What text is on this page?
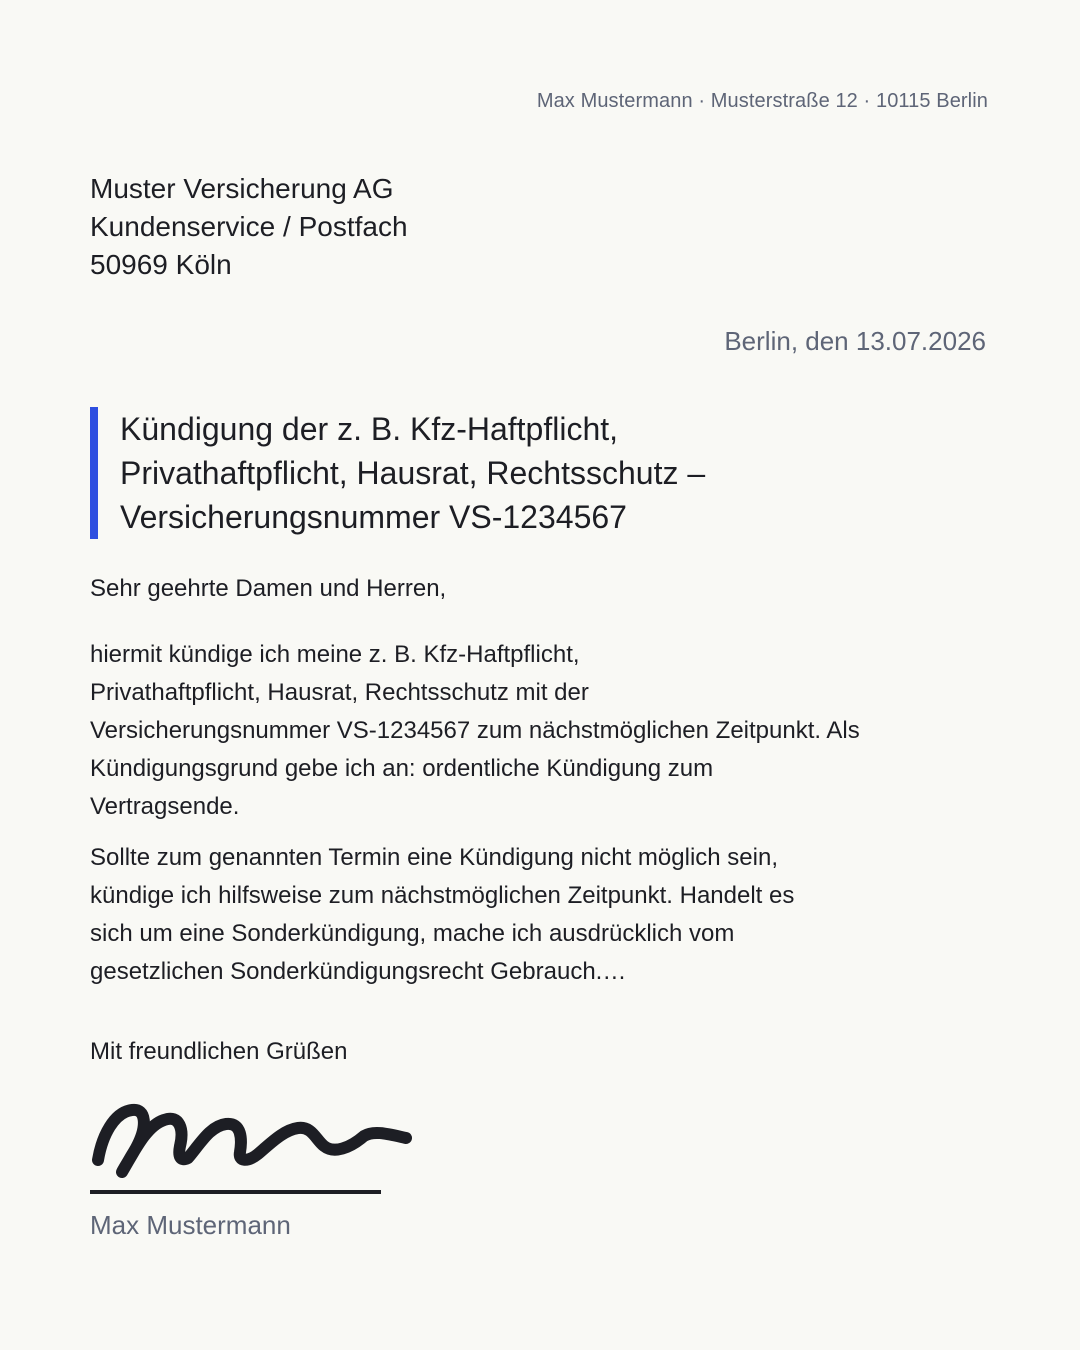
Max Mustermann · Musterstraße 12 · 10115 Berlin
Muster Versicherung AG
Kundenservice / Postfach
50969 Köln
Berlin, den 13.07.2026
Kündigung der z. B. Kfz-Haftpflicht,
Privathaftpflicht, Hausrat, Rechtsschutz –
Versicherungsnummer VS-1234567
Sehr geehrte Damen und Herren,
hiermit kündige ich meine z. B. Kfz-Haftpflicht,
Privathaftpflicht, Hausrat, Rechtsschutz mit der
Versicherungsnummer VS-1234567 zum nächstmöglichen Zeitpunkt. Als
Kündigungsgrund gebe ich an: ordentliche Kündigung zum
Vertragsende.
Sollte zum genannten Termin eine Kündigung nicht möglich sein,
kündige ich hilfsweise zum nächstmöglichen Zeitpunkt. Handelt es
sich um eine Sonderkündigung, mache ich ausdrücklich vom
gesetzlichen Sonderkündigungsrecht Gebrauch.…
Mit freundlichen Grüßen
Max Mustermann
